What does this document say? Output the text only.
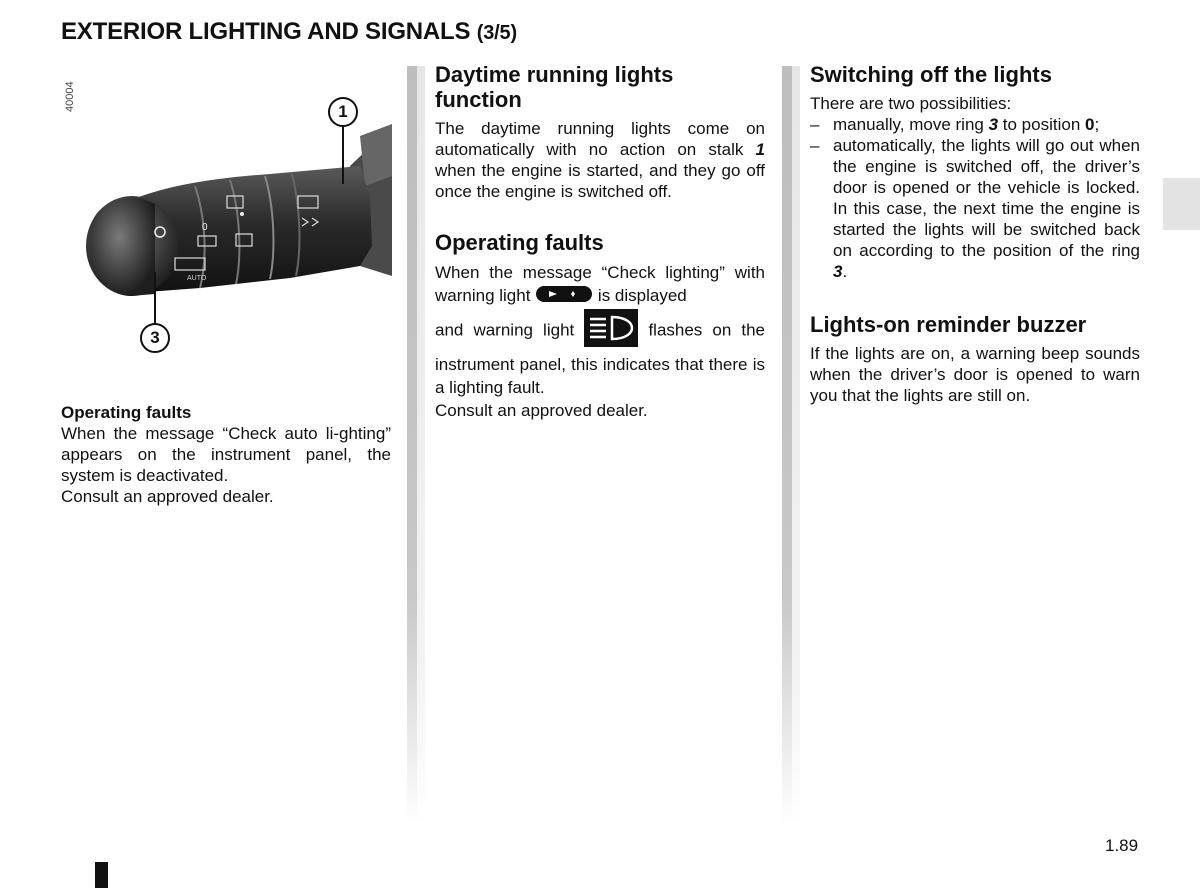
EXTERIOR LIGHTING AND SIGNALS (3/5)
40004
0
AUTO
1
3
Operating faults
When the message “Check auto li-ghting” appears on the instrument panel, the system is deactivated.
Consult an approved dealer.
Daytime running lights function

The daytime running lights come on automatically with no action on stalk 1 when the engine is started, and they go off once the engine is switched off.

Operating faults

When the message “Check lighting” with warning light	is displayed
and warning light	flashes on the instrument panel, this indicates that there is a lighting fault.
Consult an approved dealer.

Switching off the lights

There are two possibilities:

– manually, move ring 3 to position 0;
– automatically, the lights will go out when the engine is switched off, the driver’s door is opened or the vehicle is locked. In this case, the next time the engine is started the lights will be switched back on according to the position of the ring 3.
Lights-on reminder buzzer

If the lights are on, a warning beep sounds when the driver’s door is opened to warn you that the lights are still on.

1.89
